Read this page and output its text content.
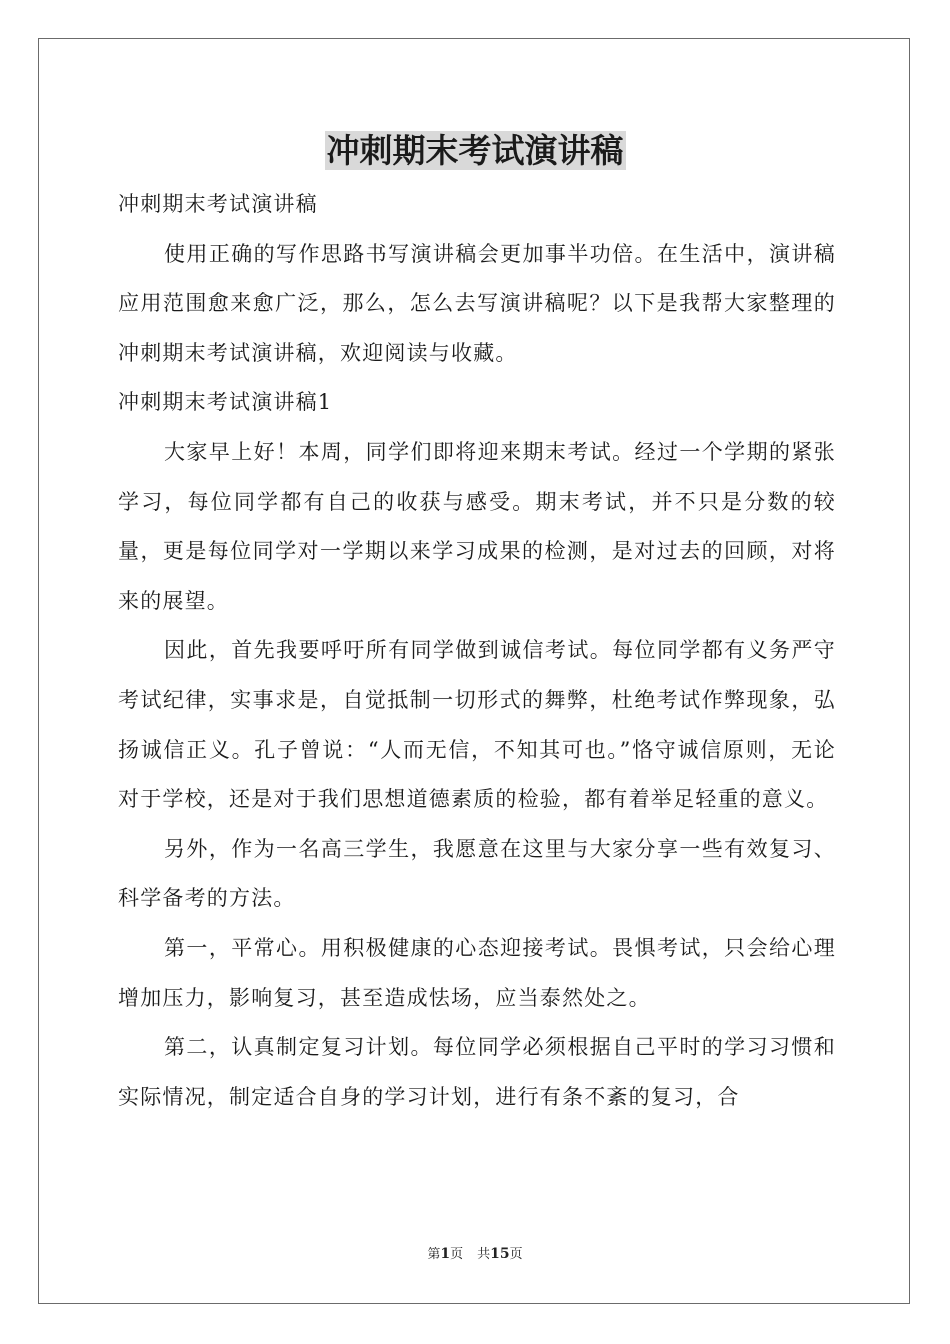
冲刺期末考试演讲稿

冲刺期末考试演讲稿

使用正确的写作思路书写演讲稿会更加事半功倍。在生活中，演讲稿应用范围愈来愈广泛，那么，怎么去写演讲稿呢？以下是我帮大家整理的冲刺期末考试演讲稿，欢迎阅读与收藏。

冲刺期末考试演讲稿1

大家早上好！本周，同学们即将迎来期末考试。经过一个学期的紧张学习，每位同学都有自己的收获与感受。期末考试，并不只是分数的较量，更是每位同学对一学期以来学习成果的检测，是对过去的回顾，对将来的展望。

因此，首先我要呼吁所有同学做到诚信考试。每位同学都有义务严守考试纪律，实事求是，自觉抵制一切形式的舞弊，杜绝考试作弊现象，弘扬诚信正义。孔子曾说：“人而无信，不知其可也。”恪守诚信原则，无论对于学校，还是对于我们思想道德素质的检验，都有着举足轻重的意义。

另外，作为一名高三学生，我愿意在这里与大家分享一些有效复习、科学备考的方法。

第一，平常心。用积极健康的心态迎接考试。畏惧考试，只会给心理增加压力，影响复习，甚至造成怯场，应当泰然处之。

第二，认真制定复习计划。每位同学必须根据自己平时的学习习惯和实际情况，制定适合自身的学习计划，进行有条不紊的复习，合

第1页 共15页
